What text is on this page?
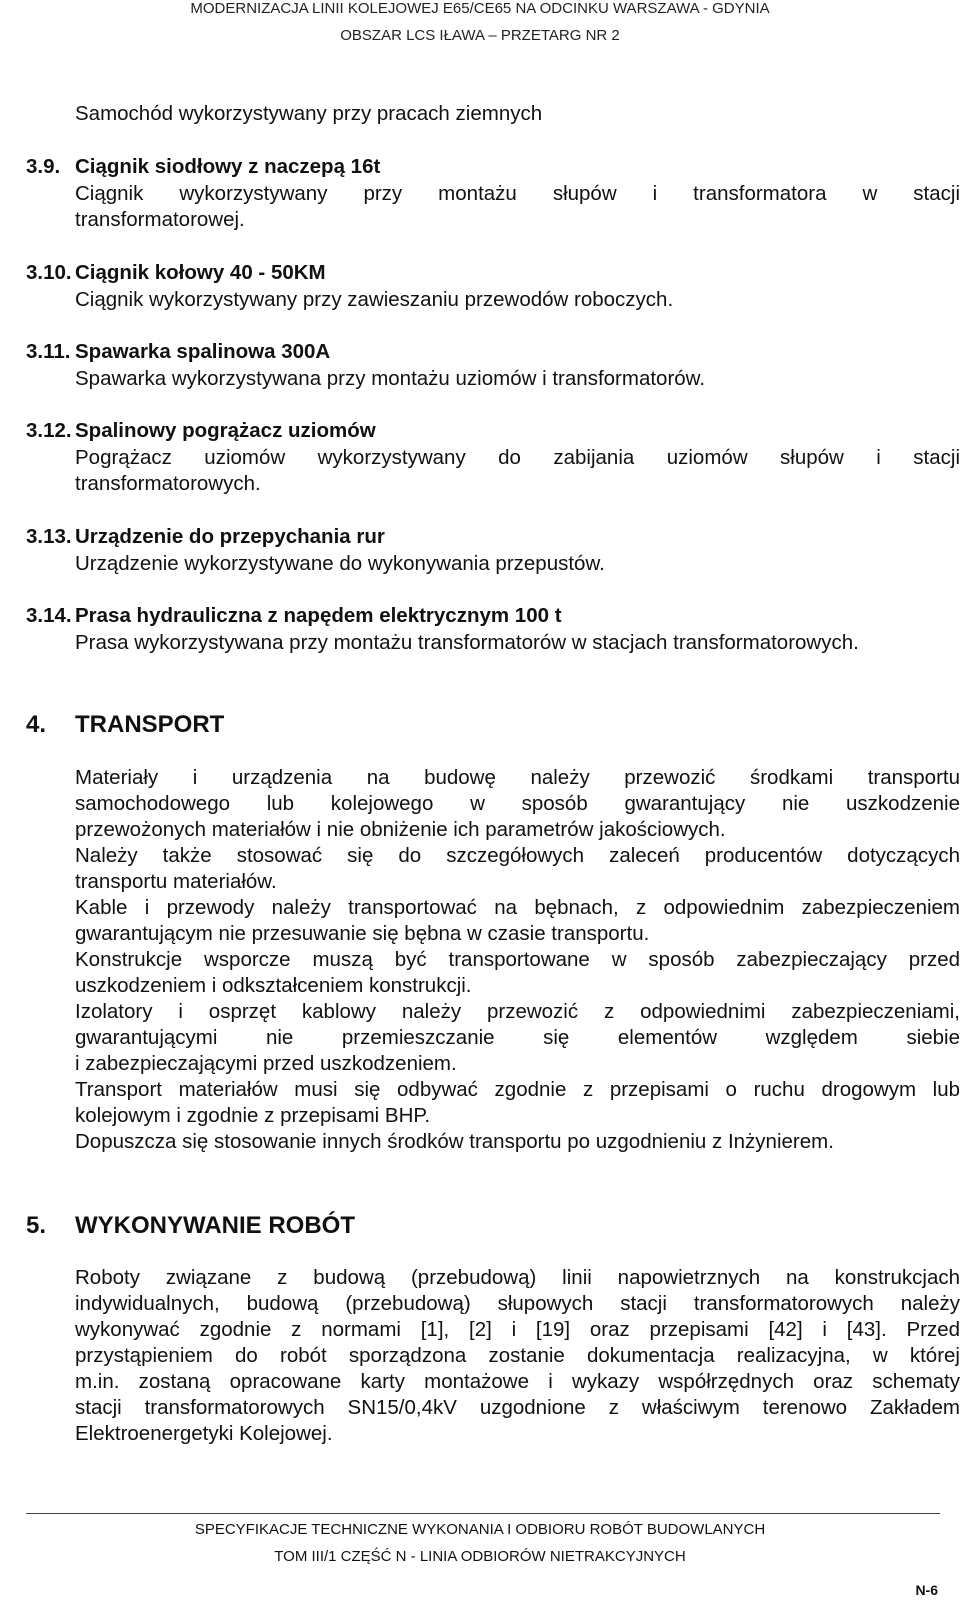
MODERNIZACJA LINII KOLEJOWEJ E65/CE65 NA ODCINKU WARSZAWA - GDYNIA
OBSZAR LCS IŁAWA – PRZETARG NR 2
Samochód wykorzystywany przy pracach ziemnych
3.9. Ciągnik siodłowy z naczepą 16t
Ciągnik wykorzystywany przy montażu słupów i transformatora w stacji
transformatorowej.
3.10. Ciągnik kołowy 40 - 50KM
Ciągnik wykorzystywany przy zawieszaniu przewodów roboczych.
3.11. Spawarka spalinowa 300A
Spawarka wykorzystywana przy montażu uziomów i transformatorów.
3.12. Spalinowy pogrążacz uziomów
Pogrążacz uziomów wykorzystywany do zabijania uziomów słupów i stacji
transformatorowych.
3.13. Urządzenie do przepychania rur
Urządzenie wykorzystywane do wykonywania przepustów.
3.14. Prasa hydrauliczna z napędem elektrycznym 100 t
Prasa wykorzystywana przy montażu transformatorów w stacjach transformatorowych.
4. TRANSPORT
Materiały i urządzenia na budowę należy przewozić środkami transportu
samochodowego lub kolejowego w sposób gwarantujący nie uszkodzenie
przewożonych materiałów i nie obniżenie ich parametrów jakościowych.
Należy także stosować się do szczegółowych zaleceń producentów dotyczących
transportu materiałów.
Kable i przewody należy transportować na bębnach, z odpowiednim zabezpieczeniem
gwarantującym nie przesuwanie się bębna w czasie transportu.
Konstrukcje wsporcze muszą być transportowane w sposób zabezpieczający przed
uszkodzeniem i odkształceniem konstrukcji.
Izolatory i osprzęt kablowy należy przewozić z odpowiednimi zabezpieczeniami,
gwarantującymi nie przemieszczanie się elementów względem siebie
i zabezpieczającymi przed uszkodzeniem.
Transport materiałów musi się odbywać zgodnie z przepisami o ruchu drogowym lub
kolejowym i zgodnie z przepisami BHP.
Dopuszcza się stosowanie innych środków transportu po uzgodnieniu z Inżynierem.
5. WYKONYWANIE ROBÓT
Roboty związane z budową (przebudową) linii napowietrznych na konstrukcjach
indywidualnych, budową (przebudową) słupowych stacji transformatorowych należy
wykonywać zgodnie z normami [1], [2] i [19] oraz przepisami [42] i [43]. Przed
przystąpieniem do robót sporządzona zostanie dokumentacja realizacyjna, w której
m.in. zostaną opracowane karty montażowe i wykazy współrzędnych oraz schematy
stacji transformatorowych SN15/0,4kV uzgodnione z właściwym terenowo Zakładem
Elektroenergetyki Kolejowej.
SPECYFIKACJE TECHNICZNE WYKONANIA I ODBIORU ROBÓT BUDOWLANYCH
TOM III/1 CZĘŚĆ N - LINIA ODBIORÓW NIETRAKCYJNYCH
N-6
